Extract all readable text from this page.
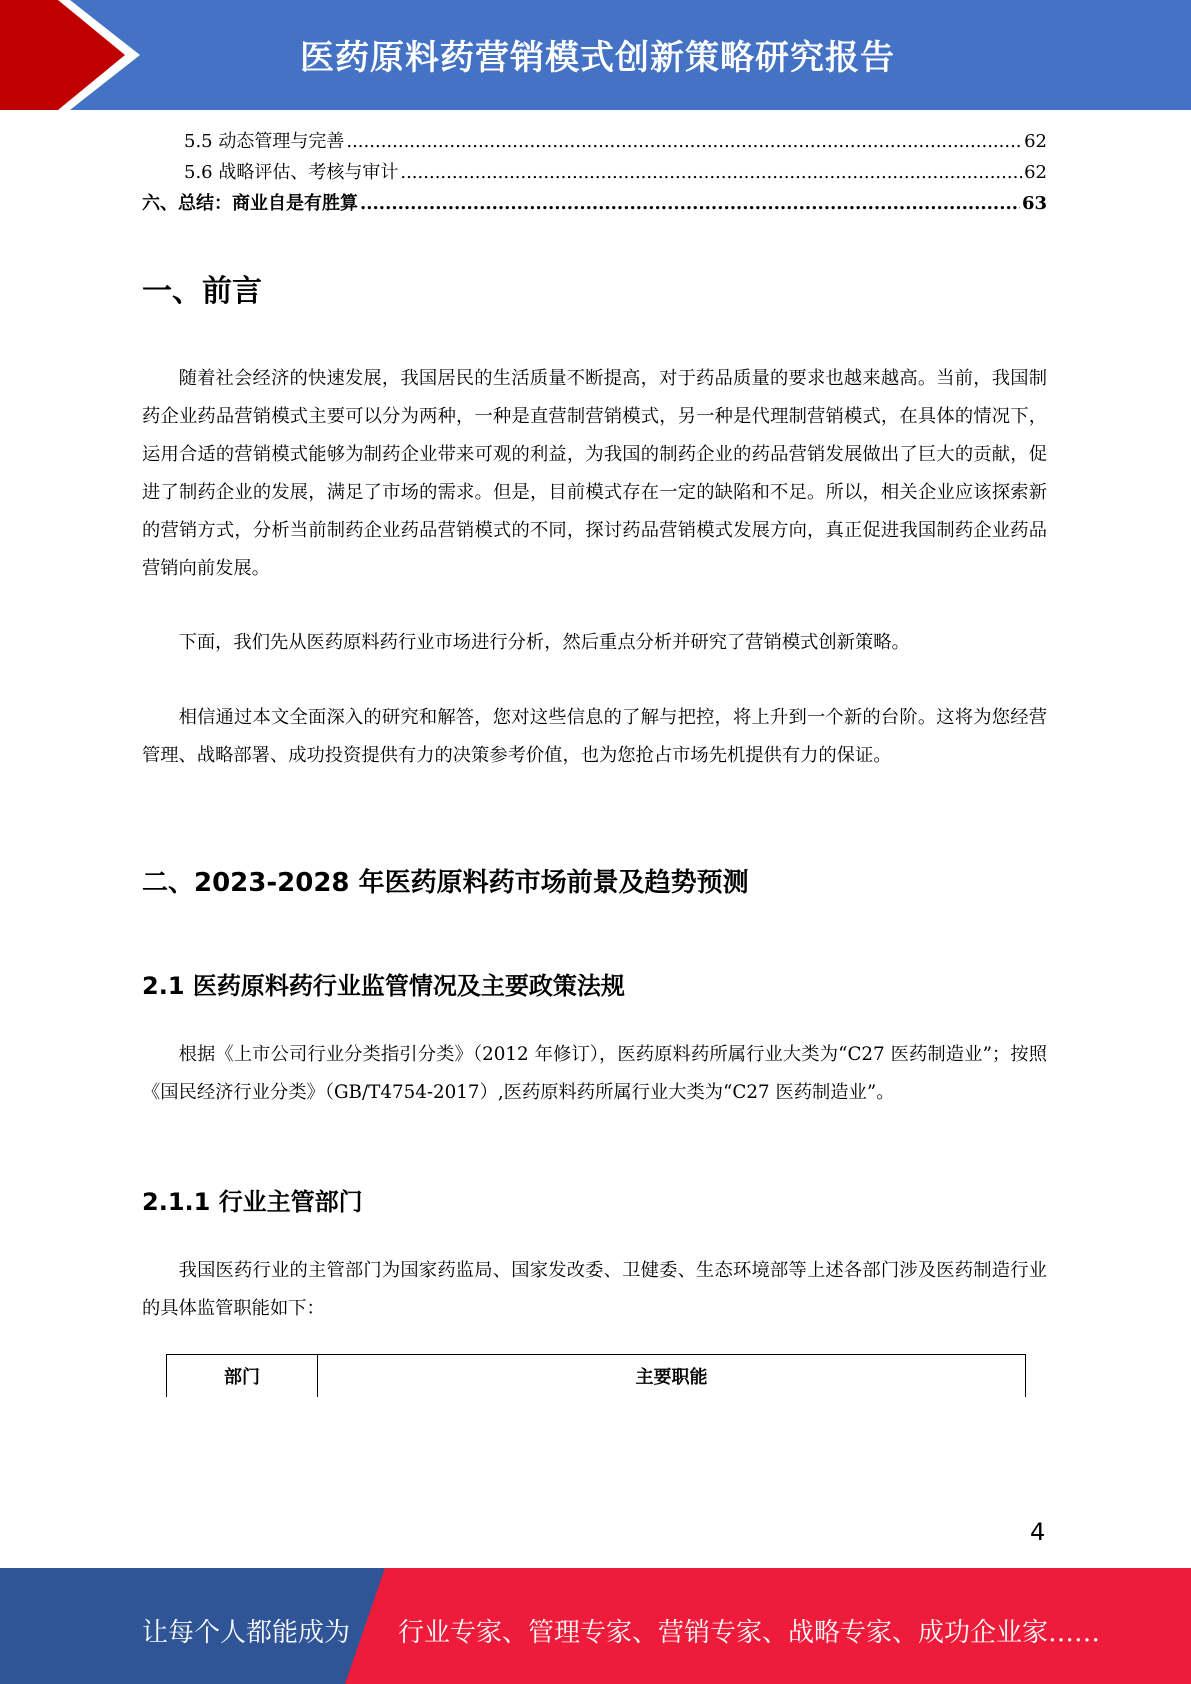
医药原料药营销模式创新策略研究报告
5.5 动态管理与完善 .....	62
5.6 战略评估、考核与审计 .....	62
六、总结：商业自是有胜算 .....	63
一、前言

随着社会经济的快速发展，我国居民的生活质量不断提高，对于药品质量的要求也越来越高。当前，我国制药企业药品营销模式主要可以分为两种，一种是直营制营销模式，另一种是代理制营销模式，在具体的情况下，运用合适的营销模式能够为制药企业带来可观的利益，为我国的制药企业的药品营销发展做出了巨大的贡献，促进了制药企业的发展，满足了市场的需求。但是，目前模式存在一定的缺陷和不足。所以，相关企业应该探索新的营销方式，分析当前制药企业药品营销模式的不同，探讨药品营销模式发展方向，真正促进我国制药企业药品营销向前发展。

下面，我们先从医药原料药行业市场进行分析，然后重点分析并研究了营销模式创新策略。

相信通过本文全面深入的研究和解答，您对这些信息的了解与把控，将上升到一个新的台阶。这将为您经营管理、战略部署、成功投资提供有力的决策参考价值，也为您抢占市场先机提供有力的保证。

二、2023-2028 年医药原料药市场前景及趋势预测
2.1 医药原料药行业监管情况及主要政策法规

根据《上市公司行业分类指引分类》（2012 年修订），医药原料药所属行业大类为“C27 医药制造业”；按照《国民经济行业分类》（GB/T4754-2017）,医药原料药所属行业大类为“C27 医药制造业”。

2.1.1 行业主管部门

我国医药行业的主管部门为国家药监局、国家发改委、卫健委、生态环境部等上述各部门涉及医药制造行业的具体监管职能如下：

部门	主要职能
4
让每个人都能成为 行业专家、管理专家、营销专家、战略专家、成功企业家……
